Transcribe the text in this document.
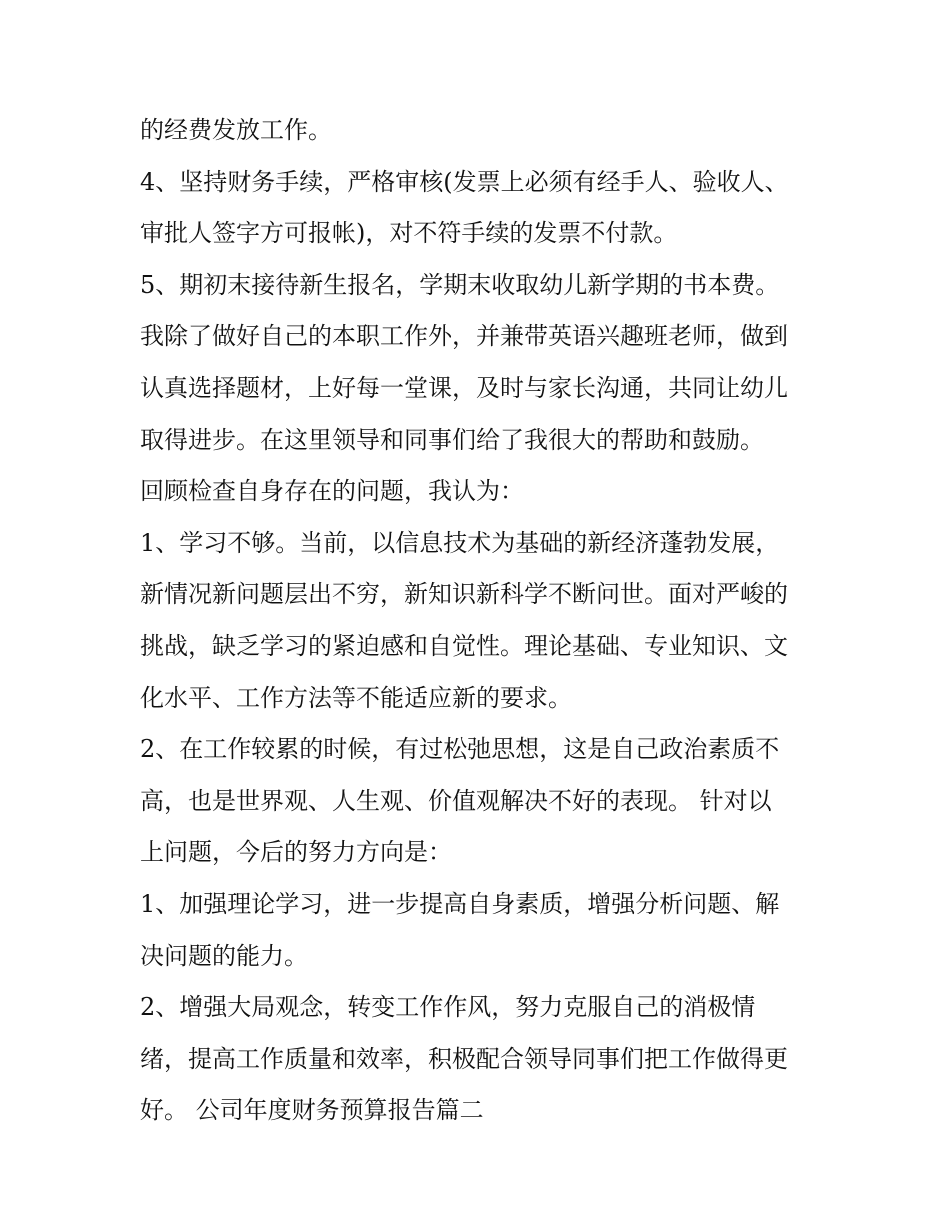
的经费发放工作。

4、坚持财务手续，严格审核(发票上必须有经手人、验收人、

审批人签字方可报帐)，对不符手续的发票不付款。

5、期初末接待新生报名，学期末收取幼儿新学期的书本费。

我除了做好自己的本职工作外，并兼带英语兴趣班老师，做到

认真选择题材，上好每一堂课，及时与家长沟通，共同让幼儿

取得进步。在这里领导和同事们给了我很大的帮助和鼓励。

回顾检查自身存在的问题，我认为：

1、学习不够。当前，以信息技术为基础的新经济蓬勃发展，

新情况新问题层出不穷，新知识新科学不断问世。面对严峻的

挑战，缺乏学习的紧迫感和自觉性。理论基础、专业知识、文

化水平、工作方法等不能适应新的要求。

2、在工作较累的时候，有过松弛思想，这是自己政治素质不

高，也是世界观、人生观、价值观解决不好的表现。 针对以

上问题，今后的努力方向是：

1、加强理论学习，进一步提高自身素质，增强分析问题、解

决问题的能力。

2、增强大局观念，转变工作作风，努力克服自己的消极情

绪，提高工作质量和效率，积极配合领导同事们把工作做得更

好。 公司年度财务预算报告篇二
